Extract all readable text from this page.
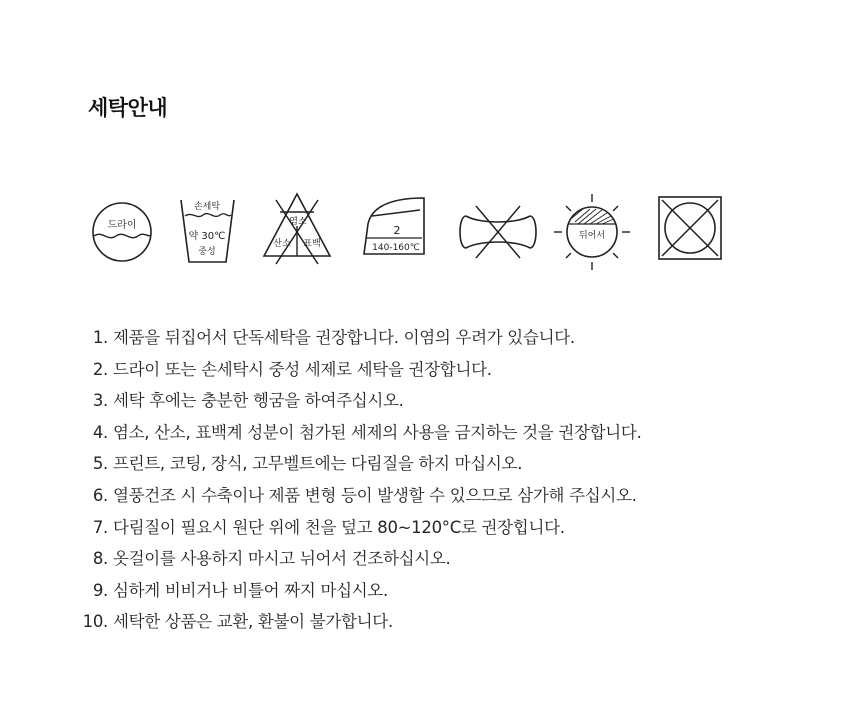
세탁안내
드라이
손세탁
약 30℃
중성
염소
산소 표백
2
140-160℃
뒤어서
1. 제품을 뒤집어서 단독세탁을 권장합니다. 이염의 우려가 있습니다.
2. 드라이 또는 손세탁시 중성 세제로 세탁을 권장합니다.
3. 세탁 후에는 충분한 헹굼을 하여주십시오.
4. 염소, 산소, 표백계 성분이 첨가된 세제의 사용을 금지하는 것을 권장합니다.
5. 프린트, 코팅, 장식, 고무벨트에는 다림질을 하지 마십시오.
6. 열풍건조 시 수축이나 제품 변형 등이 발생할 수 있으므로 삼가해 주십시오.
7. 다림질이 필요시 원단 위에 천을 덮고 80~120°C로 권장힙니다.
8. 옷걸이를 사용하지 마시고 뉘어서 건조하십시오.
9. 심하게 비비거나 비틀어 짜지 마십시오.
10. 세탁한 상품은 교환, 환불이 불가합니다.
